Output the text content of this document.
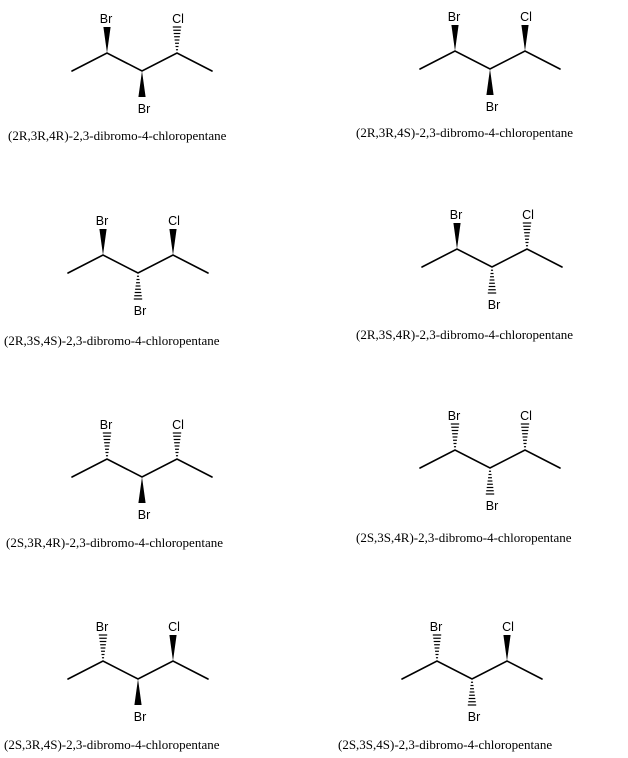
Br
Br
Cl
(2R,3R,4R)-2,3-dibromo-4-chloropentane
Br
Br
Cl
(2R,3R,4S)-2,3-dibromo-4-chloropentane
Br
Br
Cl
(2R,3S,4S)-2,3-dibromo-4-chloropentane
Br
Br
Cl
(2R,3S,4R)-2,3-dibromo-4-chloropentane
Br
Br
Cl
(2S,3R,4R)-2,3-dibromo-4-chloropentane
Br
Br
Cl
(2S,3S,4R)-2,3-dibromo-4-chloropentane
Br
Br
Cl
(2S,3R,4S)-2,3-dibromo-4-chloropentane
Br
Br
Cl
(2S,3S,4S)-2,3-dibromo-4-chloropentane
